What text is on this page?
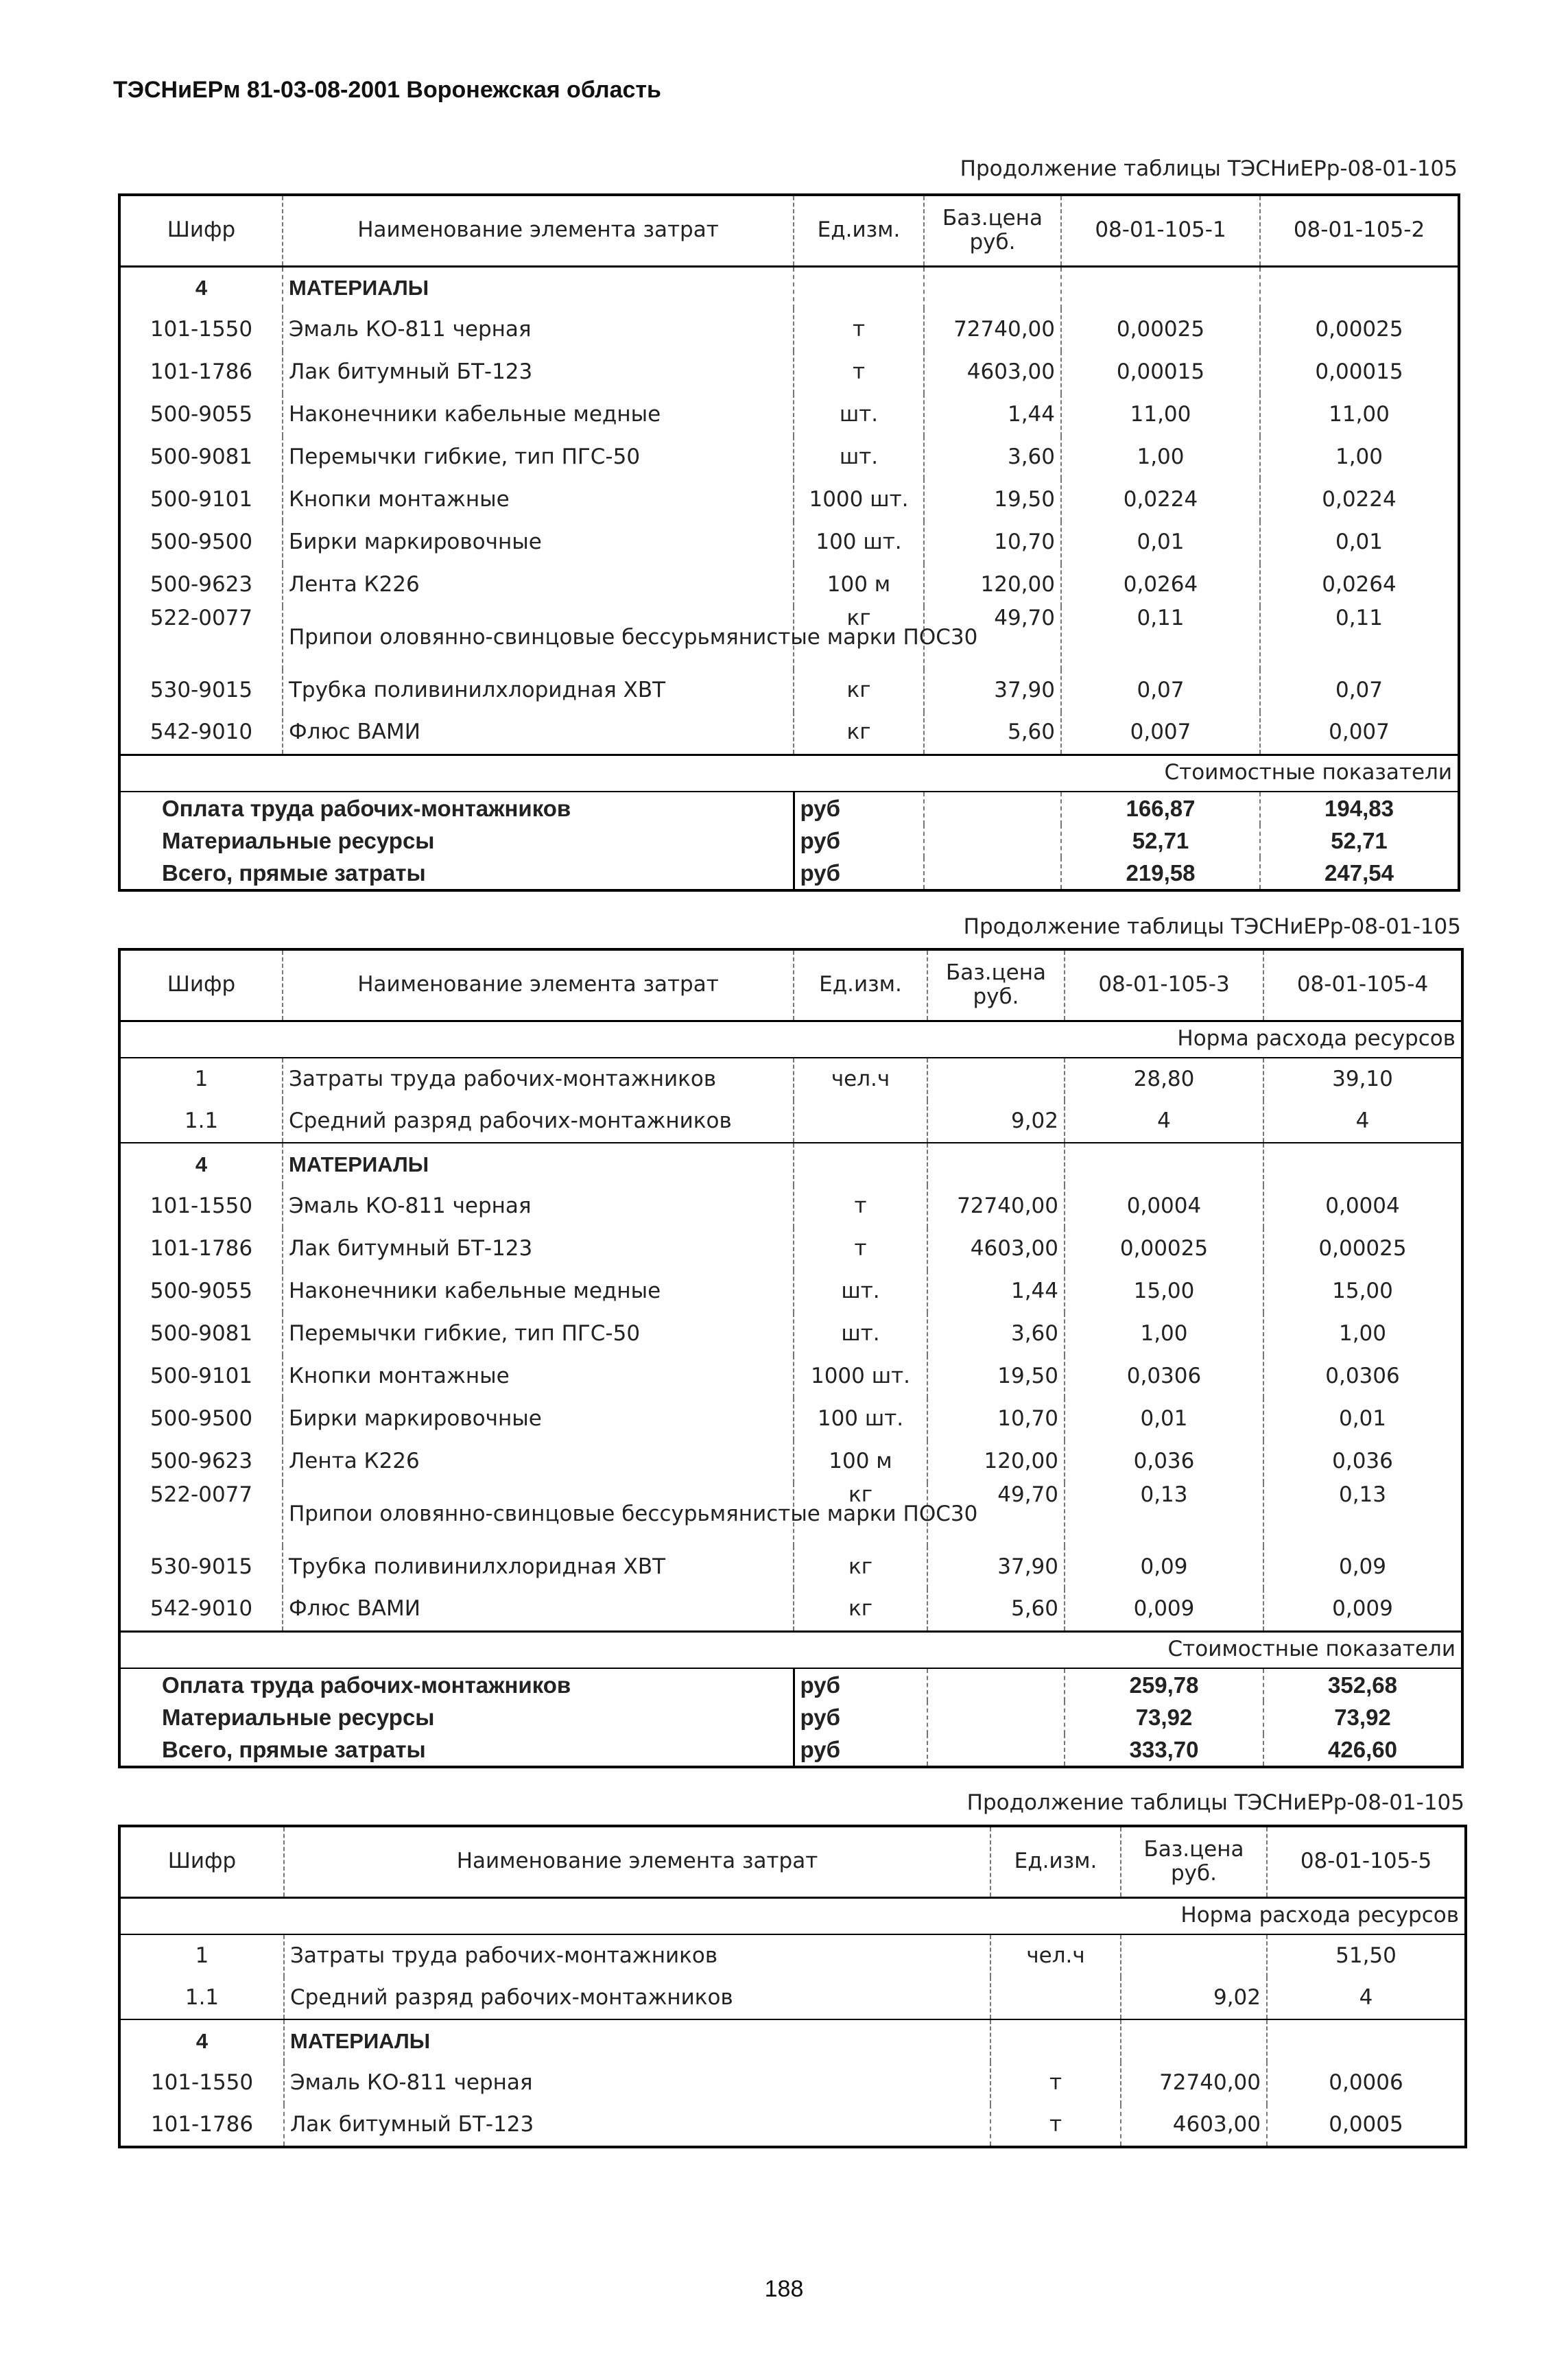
ТЭСНиЕРм 81-03-08-2001 Воронежская область
Продолжение таблицы ТЭСНиЕРр-08-01-105
Шифр	Наименование элемента затрат	Ед.изм.	Баз.цена руб.	08-01-105-1	08-01-105-2
4	МАТЕРИАЛЫ				
101-1550	Эмаль КО-811 черная	т	72740,00	0,00025	0,00025
101-1786	Лак битумный БТ-123	т	4603,00	0,00015	0,00015
500-9055	Наконечники кабельные медные	шт.	1,44	11,00	11,00
500-9081	Перемычки гибкие, тип ПГС-50	шт.	3,60	1,00	1,00
500-9101	Кнопки монтажные	1000 шт.	19,50	0,0224	0,0224
500-9500	Бирки маркировочные	100 шт.	10,70	0,01	0,01
500-9623	Лента К226	100 м	120,00	0,0264	0,0264
522-0077	Припои оловянно-свинцовые бессурьмянистые марки ПОС30	кг	49,70	0,11	0,11
530-9015	Трубка поливинилхлоридная ХВТ	кг	37,90	0,07	0,07
542-9010	Флюс ВАМИ	кг	5,60	0,007	0,007
Стоимостные показатели					
Оплата труда рабочих-монтажников		руб		166,87	194,83
Материальные ресурсы		руб		52,71	52,71
Всего, прямые затраты		руб		219,58	247,54
Продолжение таблицы ТЭСНиЕРр-08-01-105
Шифр	Наименование элемента затрат	Ед.изм.	Баз.цена руб.	08-01-105-3	08-01-105-4
Норма расхода ресурсов					
1	Затраты труда рабочих-монтажников	чел.ч		28,80	39,10
1.1	Средний разряд рабочих-монтажников		9,02	4	4
4	МАТЕРИАЛЫ				
101-1550	Эмаль КО-811 черная	т	72740,00	0,0004	0,0004
101-1786	Лак битумный БТ-123	т	4603,00	0,00025	0,00025
500-9055	Наконечники кабельные медные	шт.	1,44	15,00	15,00
500-9081	Перемычки гибкие, тип ПГС-50	шт.	3,60	1,00	1,00
500-9101	Кнопки монтажные	1000 шт.	19,50	0,0306	0,0306
500-9500	Бирки маркировочные	100 шт.	10,70	0,01	0,01
500-9623	Лента К226	100 м	120,00	0,036	0,036
522-0077	Припои оловянно-свинцовые бессурьмянистые марки ПОС30	кг	49,70	0,13	0,13
530-9015	Трубка поливинилхлоридная ХВТ	кг	37,90	0,09	0,09
542-9010	Флюс ВАМИ	кг	5,60	0,009	0,009
Стоимостные показатели					
Оплата труда рабочих-монтажников		руб		259,78	352,68
Материальные ресурсы		руб		73,92	73,92
Всего, прямые затраты		руб		333,70	426,60
Продолжение таблицы ТЭСНиЕРр-08-01-105
Шифр	Наименование элемента затрат	Ед.изм.	Баз.цена руб.	08-01-105-5
Норма расхода ресурсов				
1	Затраты труда рабочих-монтажников	чел.ч		51,50
1.1	Средний разряд рабочих-монтажников		9,02	4
4	МАТЕРИАЛЫ			
101-1550	Эмаль КО-811 черная	т	72740,00	0,0006
101-1786	Лак битумный БТ-123	т	4603,00	0,0005
188
